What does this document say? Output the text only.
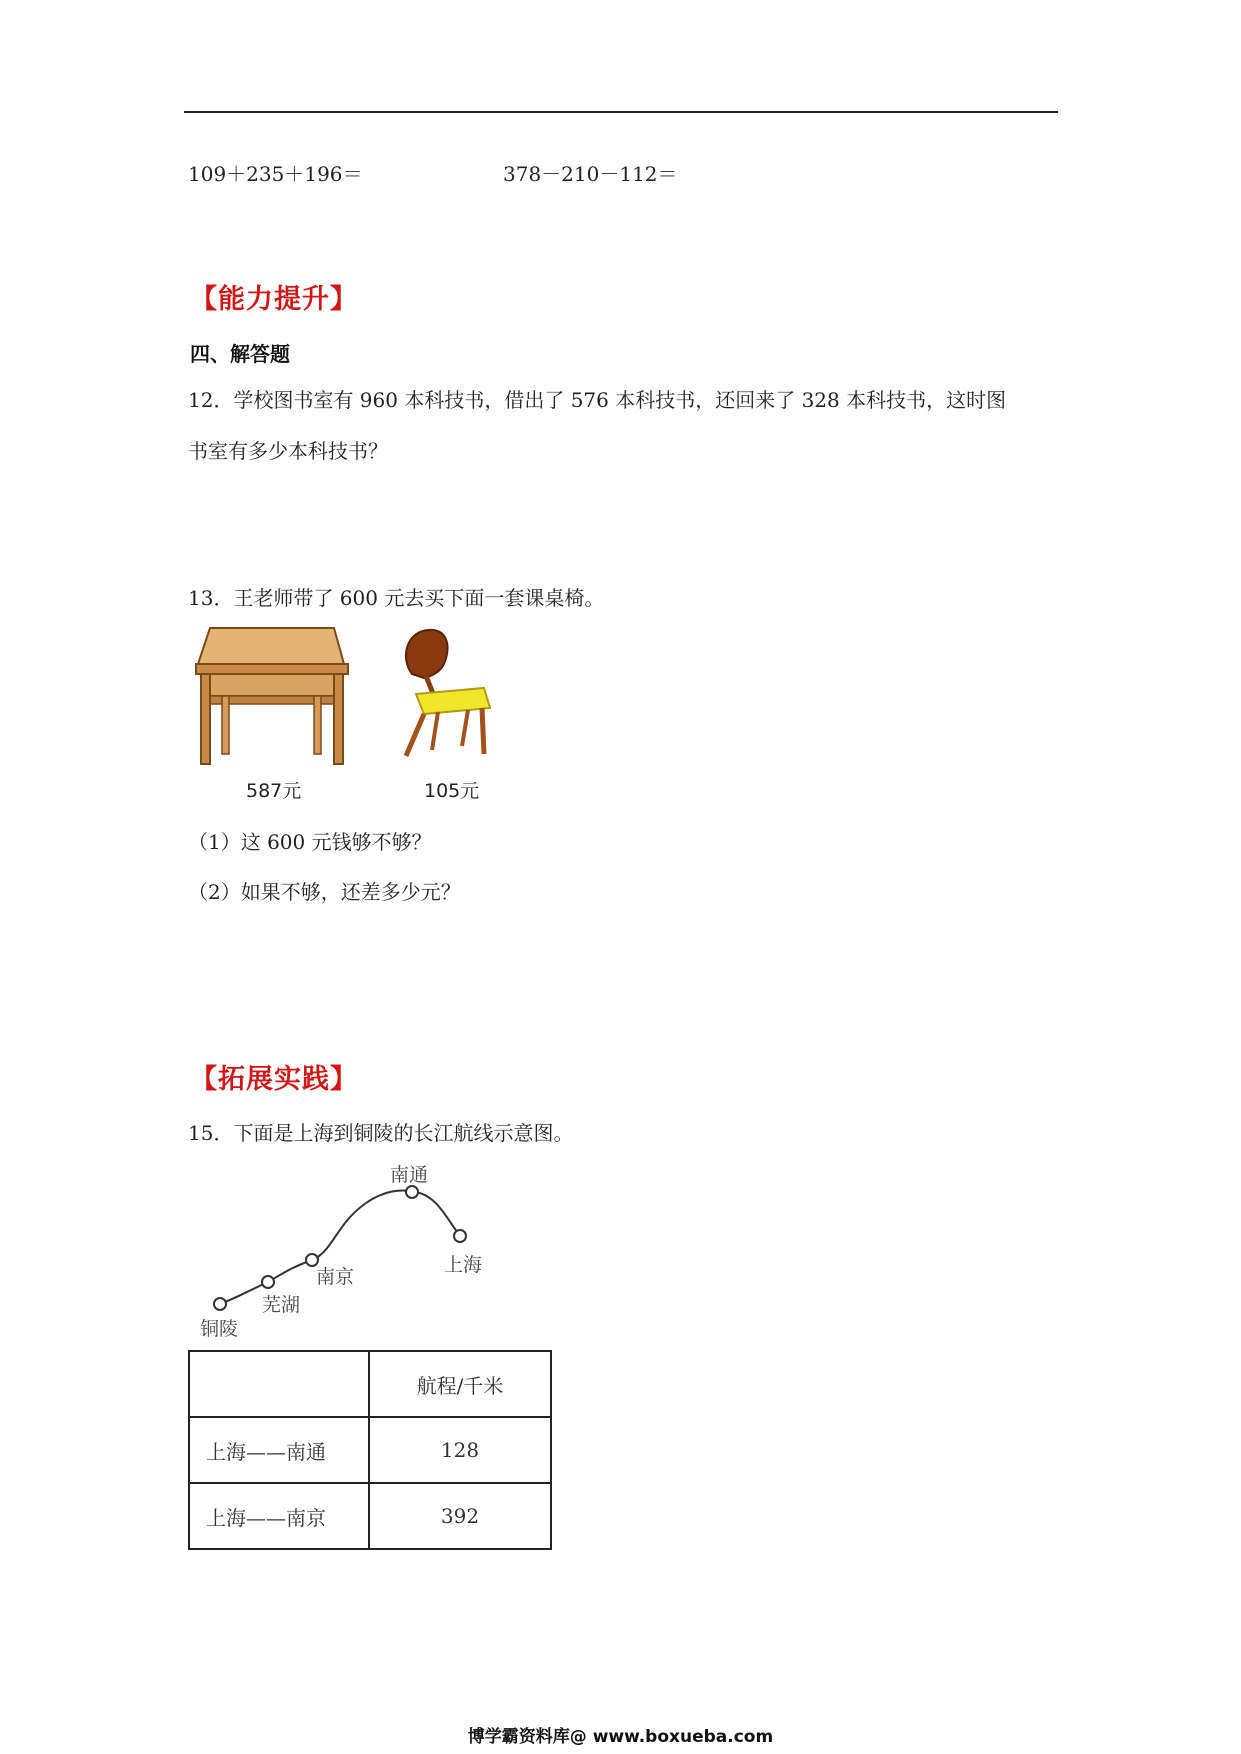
109＋235＋196＝	378－210－112＝
【能力提升】
四、解答题
12．学校图书室有 960 本科技书，借出了 576 本科技书，还回来了 328 本科技书，这时图
书室有多少本科技书？
13．王老师带了 600 元去买下面一套课桌椅。
587元	105元
（1）这 600 元钱够不够？
（2）如果不够，还差多少元？
【拓展实践】
15．下面是上海到铜陵的长江航线示意图。
南通
上海
南京
芜湖
铜陵
	航程/千米
上海——南通	128
上海——南京	392
博学霸资料库@ www.boxueba.com
